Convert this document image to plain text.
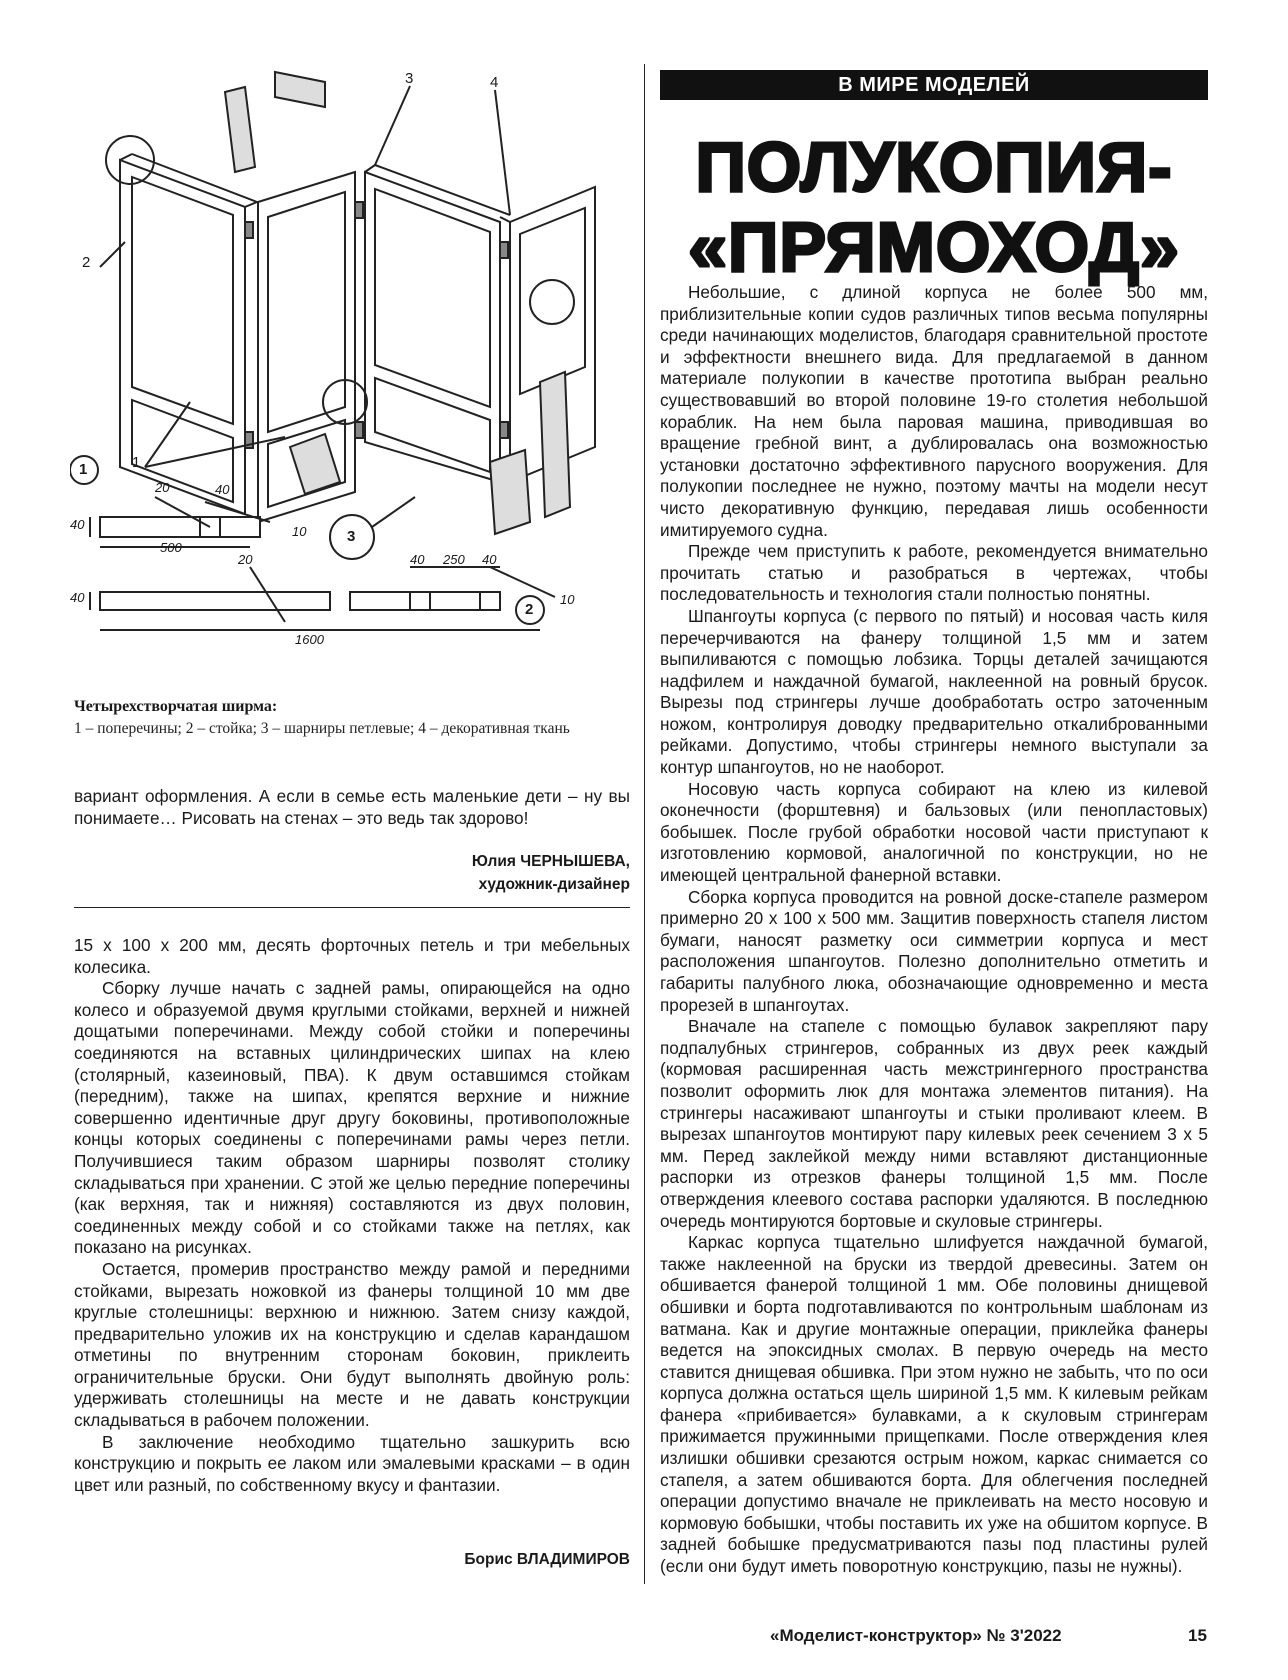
3	4
2
1
1
2
3
40
20	40
10
500
40
20	40 250 40
10
1600
Четырехстворчатая ширма:
1 – поперечины; 2 – стойка; 3 – шарниры петлевые; 4 – декоративная ткань

вариант оформления. А если в семье есть маленькие дети – ну вы понимаете… Рисовать на стенах – это ведь так здорово!

Юлия ЧЕРНЫШЕВА,
художник-дизайнер

15 х 100 х 200 мм, десять форточных петель и три мебельных колесика.

Сборку лучше начать с задней рамы, опирающейся на одно колесо и образуемой двумя круглыми стойками, верхней и нижней дощатыми поперечинами. Между собой стойки и поперечины соединяются на вставных цилиндрических шипах на клею (столярный, казеиновый, ПВА). К двум оставшимся стойкам (передним), также на шипах, крепятся верхние и нижние совершенно идентичные друг другу боковины, противоположные концы которых соединены с поперечинами рамы через петли. Получившиеся таким образом шарниры позволят столику складываться при хранении. С этой же целью передние поперечины (как верхняя, так и нижняя) составляются из двух половин, соединенных между собой и со стойками также на петлях, как показано на рисунках.

Остается, промерив пространство между рамой и передними стойками, вырезать ножовкой из фанеры толщиной 10 мм две круглые столешницы: верхнюю и нижнюю. Затем снизу каждой, предварительно уложив их на конструкцию и сделав карандашом отметины по внутренним сторонам боковин, приклеить ограничительные бруски. Они будут выполнять двойную роль: удерживать столешницы на месте и не давать конструкции складываться в рабочем положении.

В заключение необходимо тщательно зашкурить всю конструкцию и покрыть ее лаком или эмалевыми красками – в один цвет или разный, по собственному вкусу и фантазии.

Борис ВЛАДИМИРОВ
В МИРЕ МОДЕЛЕЙ
ПОЛУКОПИЯ-
«ПРЯМОХОД»

Небольшие, с длиной корпуса не более 500 мм, приблизительные копии судов различных типов весьма популярны среди начинающих моделистов, благодаря сравнительной простоте и эффектности внешнего вида. Для предлагаемой в данном материале полукопии в качестве прототипа выбран реально существовавший во второй половине 19-го столетия небольшой кораблик. На нем была паровая машина, приводившая во вращение гребной винт, а дублировалась она возможностью установки достаточно эффективного парусного вооружения. Для полукопии последнее не нужно, поэтому мачты на модели несут чисто декоративную функцию, передавая лишь особенности имитируемого судна.

Прежде чем приступить к работе, рекомендуется внимательно прочитать статью и разобраться в чертежах, чтобы последовательность и технология стали полностью понятны.

Шпангоуты корпуса (с первого по пятый) и носовая часть киля перечерчиваются на фанеру толщиной 1,5 мм и затем выпиливаются с помощью лобзика. Торцы деталей зачищаются надфилем и наждачной бумагой, наклеенной на ровный брусок. Вырезы под стрингеры лучше дообработать остро заточенным ножом, контролируя доводку предварительно откалиброванными рейками. Допустимо, чтобы стрингеры немного выступали за контур шпангоутов, но не наоборот.

Носовую часть корпуса собирают на клею из килевой оконечности (форштевня) и бальзовых (или пенопластовых) бобышек. После грубой обработки носовой части приступают к изготовлению кормовой, аналогичной по конструкции, но не имеющей центральной фанерной вставки.

Сборка корпуса проводится на ровной доске-стапеле размером примерно 20 х 100 х 500 мм. Защитив поверхность стапеля листом бумаги, наносят разметку оси симметрии корпуса и мест расположения шпангоутов. Полезно дополнительно отметить и габариты палубного люка, обозначающие одновременно и места прорезей в шпангоутах.

Вначале на стапеле с помощью булавок закрепляют пару подпалубных стрингеров, собранных из двух реек каждый (кормовая расширенная часть межстрингерного пространства позволит оформить люк для монтажа элементов питания). На стрингеры насаживают шпангоуты и стыки проливают клеем. В вырезах шпангоутов монтируют пару килевых реек сечением 3 х 5 мм. Перед заклейкой между ними вставляют дистанционные распорки из отрезков фанеры толщиной 1,5 мм. После отверждения клеевого состава распорки удаляются. В последнюю очередь монтируются бортовые и скуловые стрингеры.

Каркас корпуса тщательно шлифуется наждачной бумагой, также наклеенной на бруски из твердой древесины. Затем он обшивается фанерой толщиной 1 мм. Обе половины днищевой обшивки и борта подготавливаются по контрольным шаблонам из ватмана. Как и другие монтажные операции, приклейка фанеры ведется на эпоксидных смолах. В первую очередь на место ставится днищевая обшивка. При этом нужно не забыть, что по оси корпуса должна остаться щель шириной 1,5 мм. К килевым рейкам фанера «прибивается» булавками, а к скуловым стрингерам прижимается пружинными прищепками. После отверждения клея излишки обшивки срезаются острым ножом, каркас снимается со стапеля, а затем обшиваются борта. Для облегчения последней операции допустимо вначале не приклеивать на место носовую и кормовую бобышки, чтобы поставить их уже на обшитом корпусе. В задней бобышке предусматриваются пазы под пластины рулей (если они будут иметь поворотную конструкцию, пазы не нужны).

«Моделист-конструктор» № 3'2022	15
